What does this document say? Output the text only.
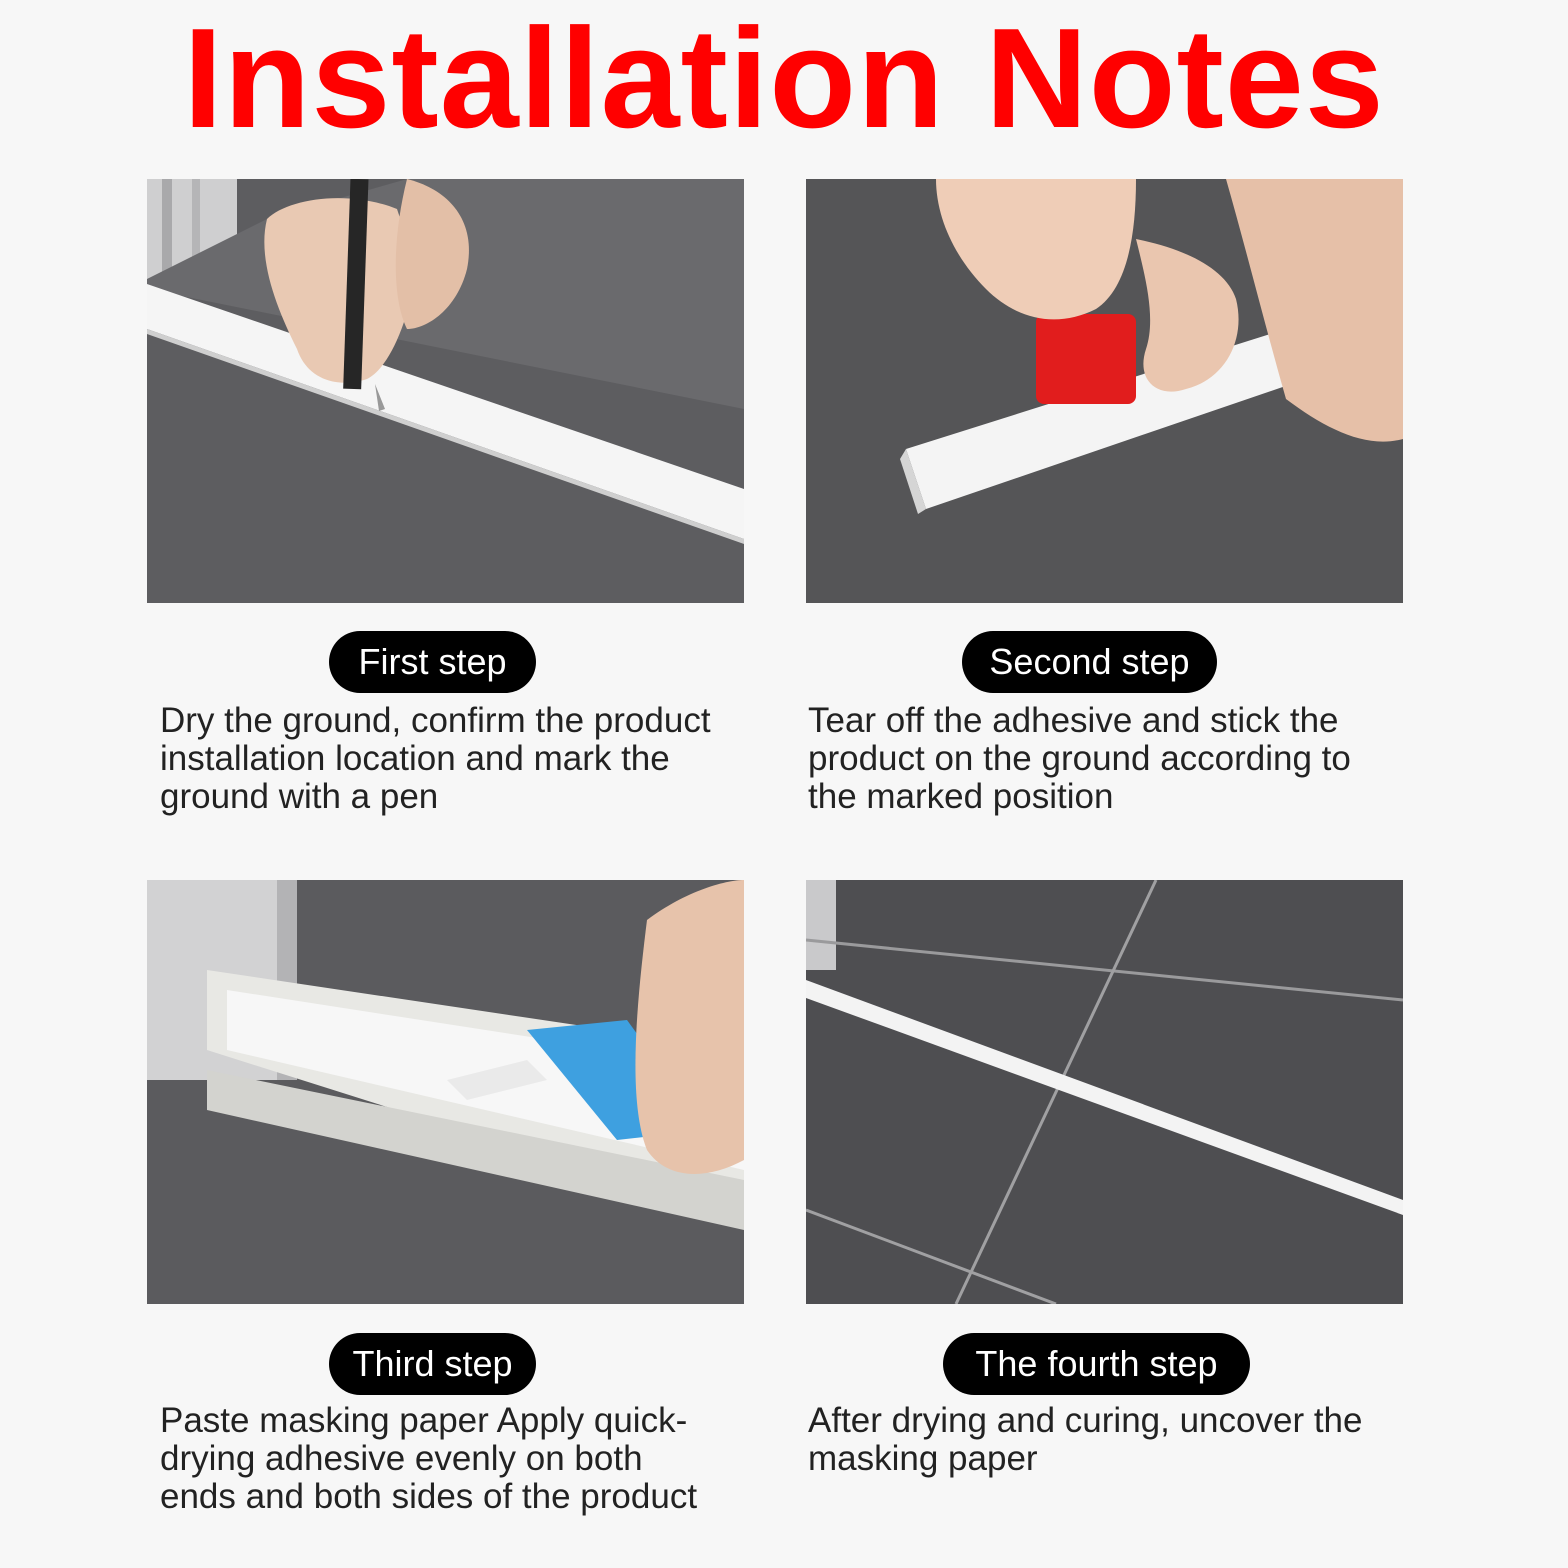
Installation Notes
First step	Second step
Third step	The fourth step

Dry the ground, confirm the product installation location and mark the ground with a pen

Tear off the adhesive and stick the product on the ground according to the marked position

Paste masking paper Apply quick-drying adhesive evenly on both ends and both sides of the product

After drying and curing, uncover the masking paper
